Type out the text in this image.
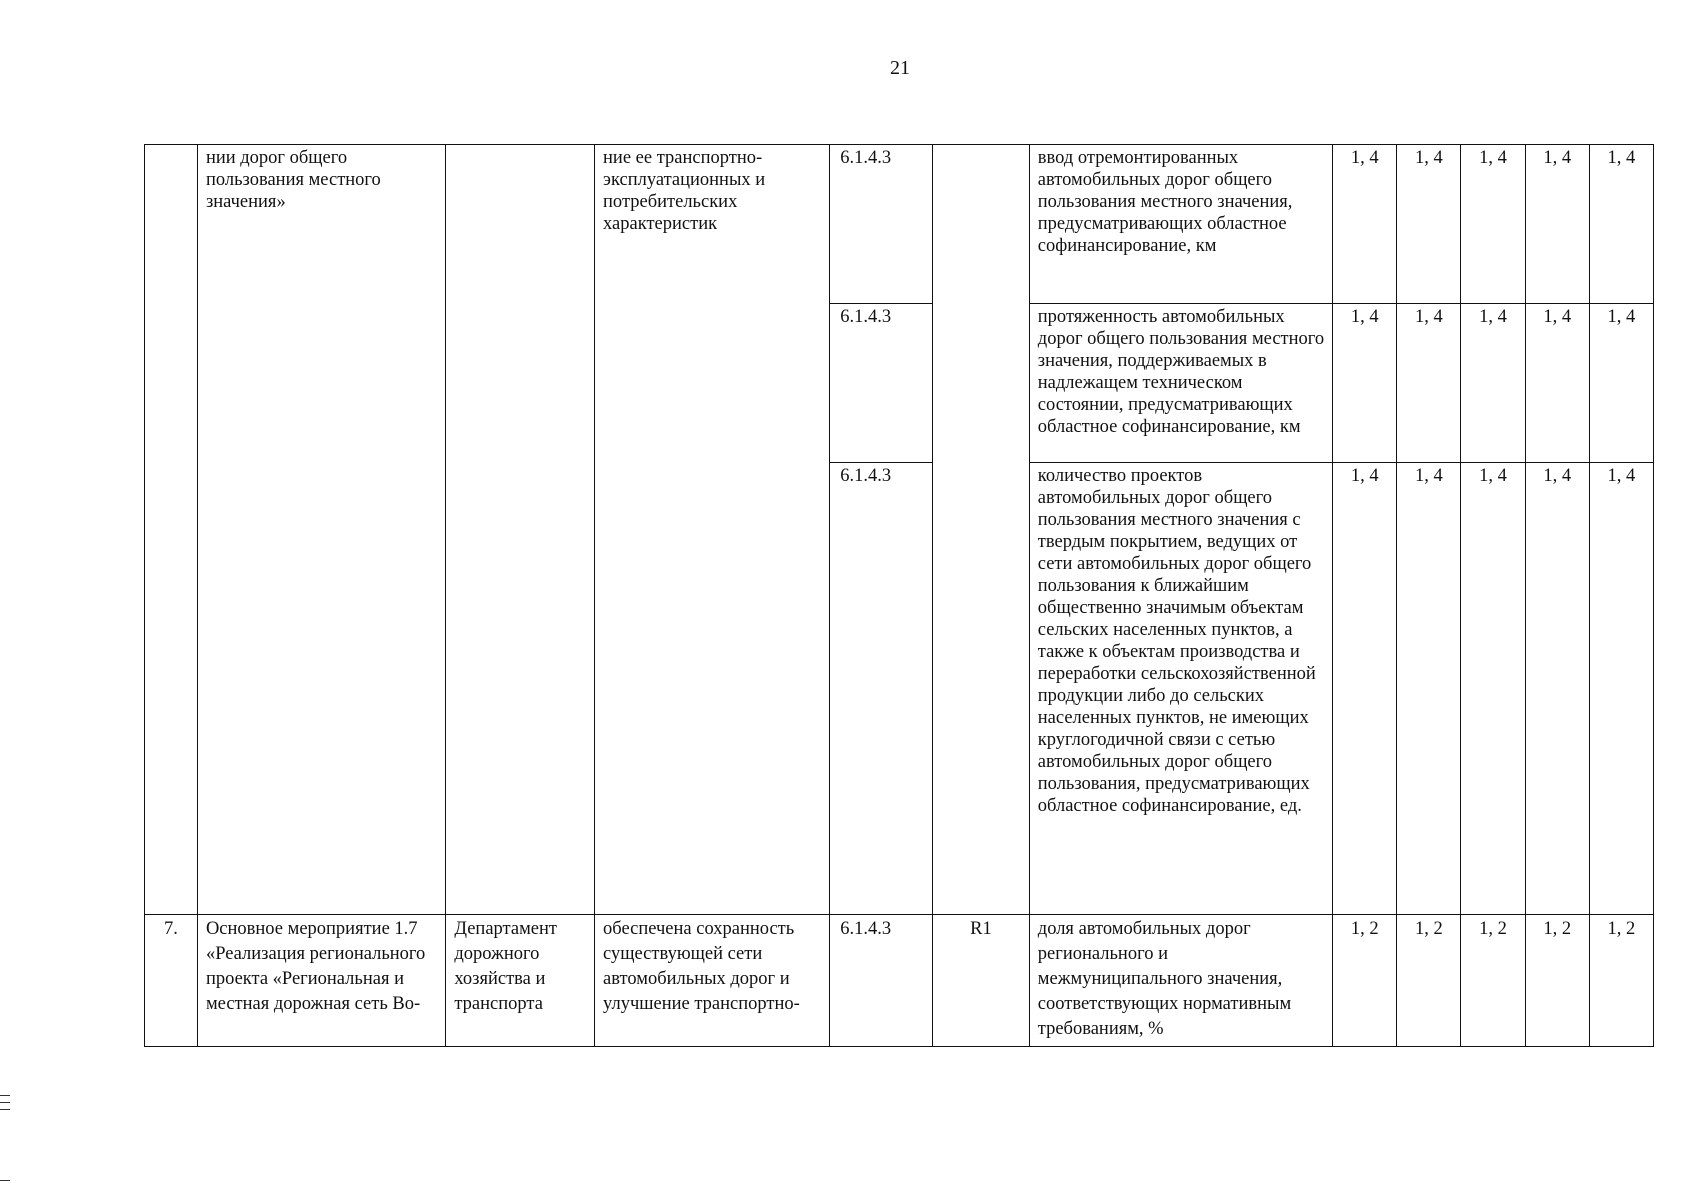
21
	нии дорог общего пользования местного значения»		ние ее транспортно-эксплуатационных и потребительских характеристик	6.1.4.3		ввод отремонтированных автомобильных дорог общего пользования местного значения, предусматривающих областное софинансирование, км	1, 4	1, 4	1, 4	1, 4	1, 4
				6.1.4.3		протяженность автомобильных дорог общего пользования местного значения, поддерживаемых в надлежащем техническом состоянии, предусматривающих областное софинансирование, км	1, 4	1, 4	1, 4	1, 4	1, 4
				6.1.4.3		количество проектов автомобильных дорог общего пользования местного значения с твердым покрытием, ведущих от сети автомобильных дорог общего пользования к ближайшим общественно значимым объектам сельских населенных пунктов, а также к объектам производства и переработки сельскохозяйственной продукции либо до сельских населенных пунктов, не имеющих круглогодичной связи с сетью автомобильных дорог общего пользования, предусматривающих областное софинансирование, ед.	1, 4	1, 4	1, 4	1, 4	1, 4
7.	Основное мероприятие 1.7 «Реализация регионального проекта «Региональная и местная дорожная сеть Во-	Департамент дорожного хозяйства и транспорта	обеспечена сохранность существующей сети автомобильных дорог и улучшение транспортно-	6.1.4.3	R1	доля автомобильных дорог регионального и межмуниципального значения, соответствующих нормативным требованиям, %	1, 2	1, 2	1, 2	1, 2	1, 2
